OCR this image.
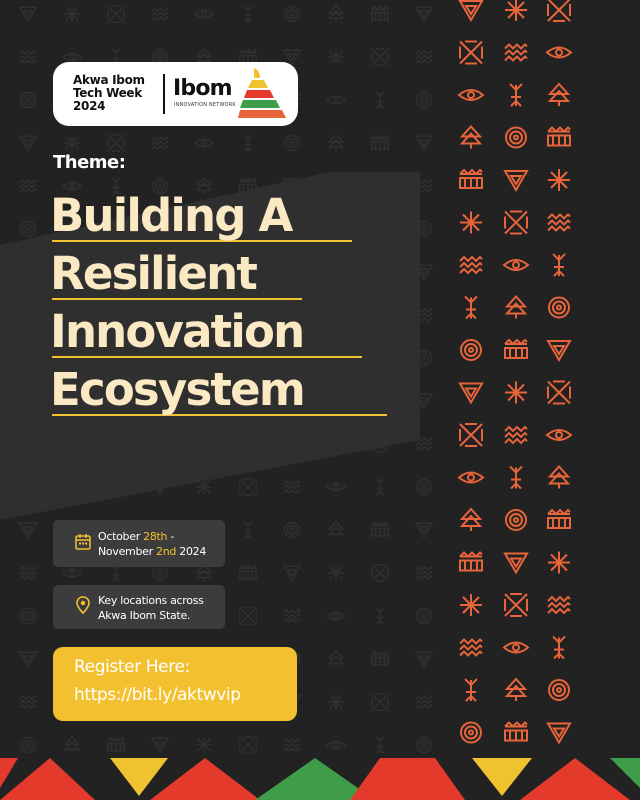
Akwa Ibom
Tech Week
2024
Ibom
INNOVATION NETWORK
Theme:
Building A
Resilient
Innovation
Ecosystem
October 28th -
November 2nd 2024
Key locations across
Akwa Ibom State.
Register Here:
https://bit.ly/aktwvip
